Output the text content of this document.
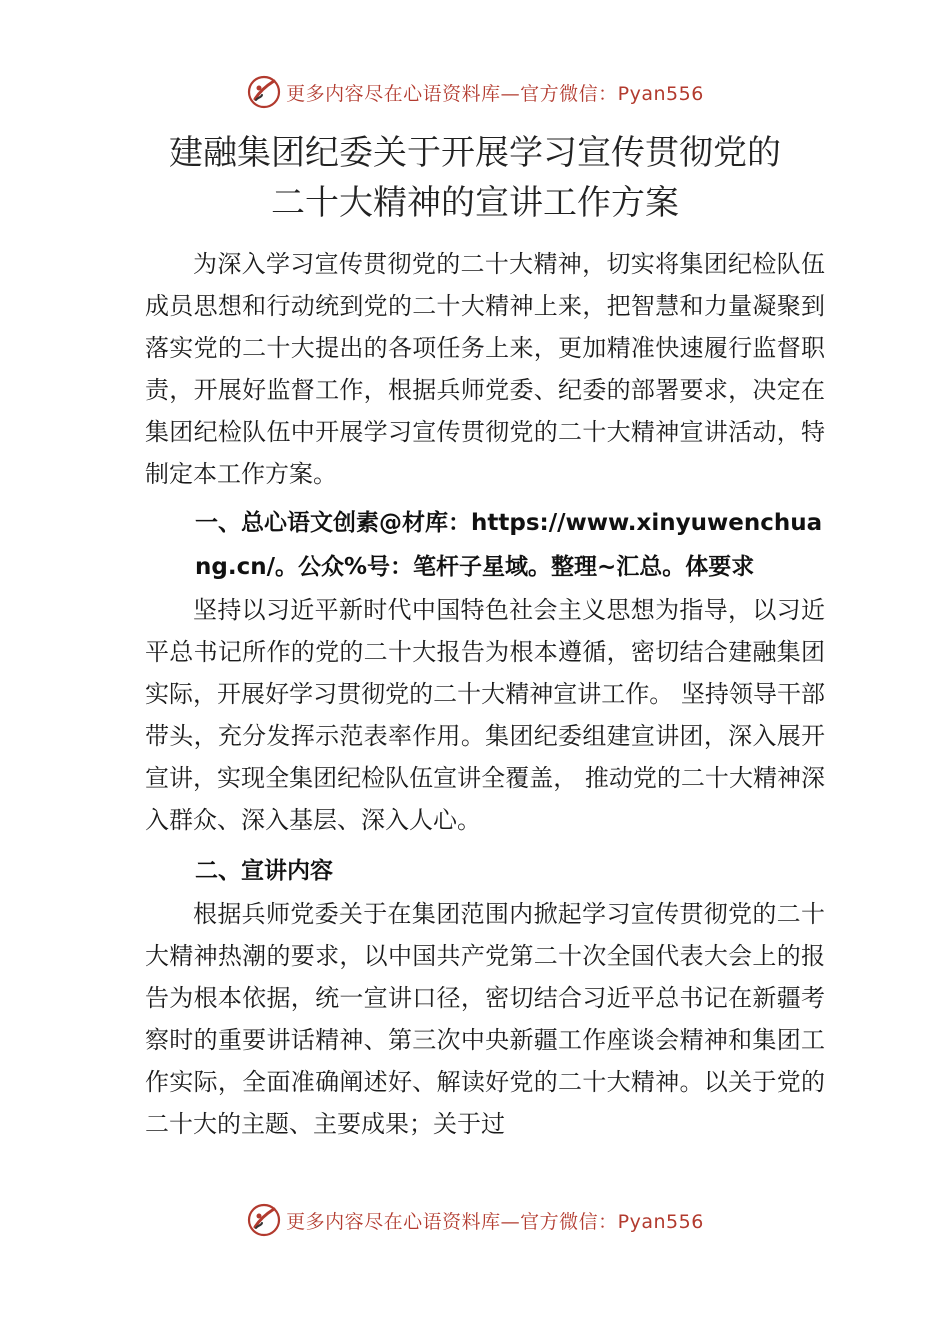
更多内容尽在心语资料库—官方微信：Pyan556
建融集团纪委关于开展学习宣传贯彻党的
二十大精神的宣讲工作方案

为深入学习宣传贯彻党的二十大精神，切实将集团纪检队伍成员思想和行动统到党的二十大精神上来，把智慧和力量凝聚到落实党的二十大提出的各项任务上来，更加精准快速履行监督职责，开展好监督工作，根据兵师党委、纪委的部署要求，决定在集团纪检队伍中开展学习宣传贯彻党的二十大精神宣讲活动，特制定本工作方案。

一、总心语文创素@材库：https://www.xinyuwenchuang.cn/。公众%号：笔杆子星域。整理~汇总。体要求

坚持以习近平新时代中国特色社会主义思想为指导，以习近平总书记所作的党的二十大报告为根本遵循，密切结合建融集团实际，开展好学习贯彻党的二十大精神宣讲工作。 坚持领导干部带头，充分发挥示范表率作用。集团纪委组建宣讲团，深入展开宣讲，实现全集团纪检队伍宣讲全覆盖， 推动党的二十大精神深入群众、深入基层、深入人心。

二、宣讲内容

根据兵师党委关于在集团范围内掀起学习宣传贯彻党的二十大精神热潮的要求，以中国共产党第二十次全国代表大会上的报告为根本依据，统一宣讲口径，密切结合习近平总书记在新疆考察时的重要讲话精神、第三次中央新疆工作座谈会精神和集团工作实际，全面准确阐述好、解读好党的二十大精神。以关于党的二十大的主题、主要成果；关于过

更多内容尽在心语资料库—官方微信：Pyan556
